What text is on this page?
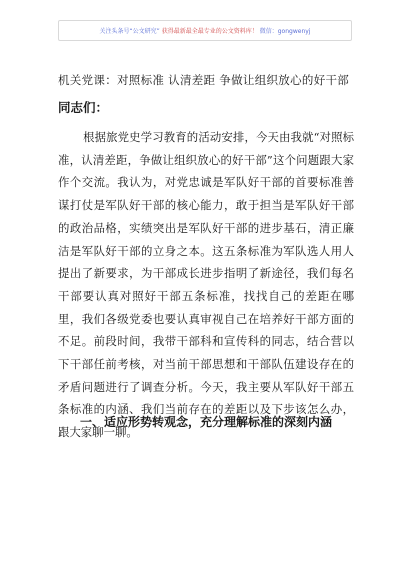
关注头条号“公文研究” 获得最新最全最专业的公文资料库！ 微信：gongwenyj
机关党课：对照标准 认清差距 争做让组织放心的好干部
同志们：

根据旅党史学习教育的活动安排，今天由我就“对照标准，认清差距，争做让组织放心的好干部”这个问题跟大家作个交流。我认为，对党忠诚是军队好干部的首要标准善谋打仗是军队好干部的核心能力，敢于担当是军队好干部的政治品格，实绩突出是军队好干部的进步基石，清正廉洁是军队好干部的立身之本。这五条标准为军队选人用人提出了新要求，为干部成长进步指明了新途径，我们每名干部要认真对照好干部五条标准，找找自己的差距在哪里，我们各级党委也要认真审视自己在培养好干部方面的不足。前段时间，我带干部科和宣传科的同志，结合营以下干部任前考核，对当前干部思想和干部队伍建设存在的矛盾问题进行了调查分析。今天，我主要从军队好干部五条标准的内涵、我们当前存在的差距以及下步该怎么办，跟大家聊一聊。

一、适应形势转观念，充分理解标准的深刻内涵
